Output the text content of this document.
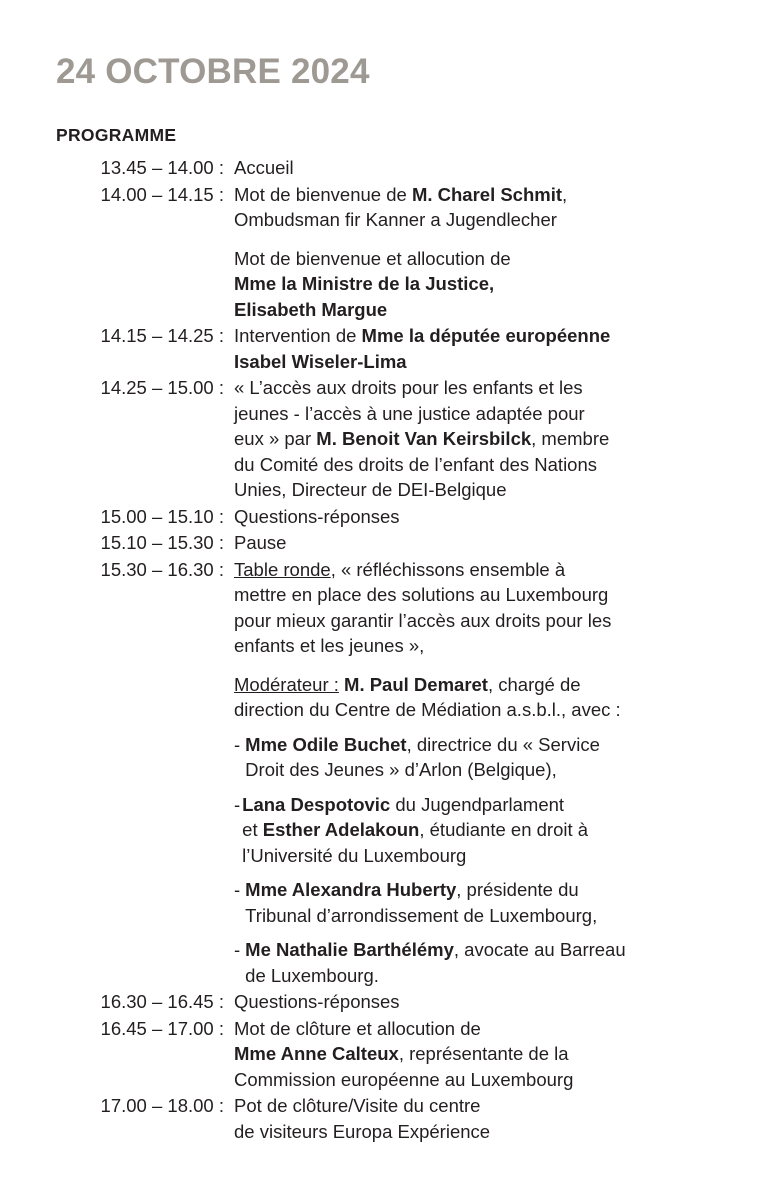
24 OCTOBRE 2024
PROGRAMME
13.45 – 14.00 : Accueil

14.00 – 14.15 : Mot de bienvenue de M. Charel Schmit,

Ombudsman fir Kanner a Jugendlecher

Mot de bienvenue et allocution de

Mme la Ministre de la Justice,

Elisabeth Margue

14.15 – 14.25 : Intervention de Mme la députée européenne

Isabel Wiseler-Lima

14.25 – 15.00 : « L’accès aux droits pour les enfants et les

jeunes - l’accès à une justice adaptée pour

eux » par M. Benoit Van Keirsbilck, membre

du Comité des droits de l’enfant des Nations

Unies, Directeur de DEI-Belgique

15.00 – 15.10 : Questions-réponses

15.10 – 15.30 : Pause

15.30 – 16.30 : Table ronde, « réfléchissons ensemble à

mettre en place des solutions au Luxembourg

pour mieux garantir l’accès aux droits pour les

enfants et les jeunes »,

Modérateur : M. Paul Demaret, chargé de

direction du Centre de Médiation a.s.b.l., avec :

- Mme Odile Buchet, directrice du « Service

Droit des Jeunes » d’Arlon (Belgique),

- Lana Despotovic du Jugendparlament

et Esther Adelakoun, étudiante en droit à

l’Université du Luxembourg

- Mme Alexandra Huberty, présidente du

Tribunal d’arrondissement de Luxembourg,

- Me Nathalie Barthélémy, avocate au Barreau

de Luxembourg.

16.30 – 16.45 : Questions-réponses

16.45 – 17.00 : Mot de clôture et allocution de

Mme Anne Calteux, représentante de la

Commission européenne au Luxembourg

17.00 – 18.00 : Pot de clôture/Visite du centre

de visiteurs Europa Expérience
